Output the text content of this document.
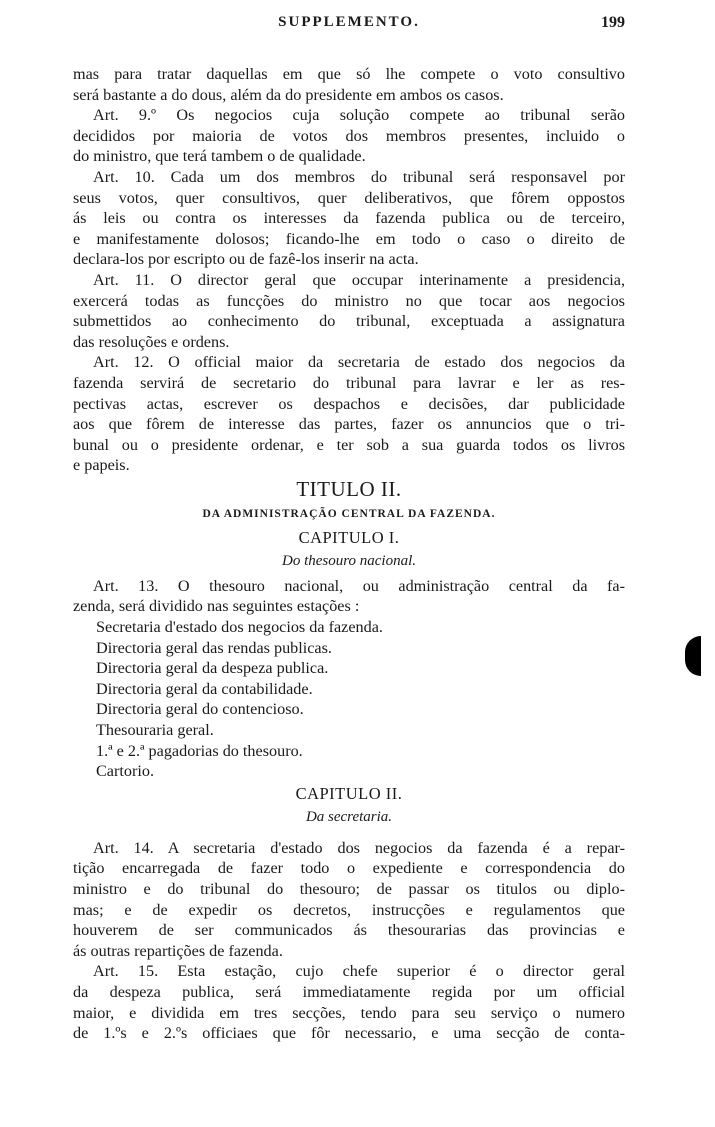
SUPPLEMENTO.	199
mas para tratar daquellas em que só lhe compete o voto consultivo
será bastante a do dous, além da do presidente em ambos os casos.
Art. 9.º Os negocios cuja solução compete ao tribunal serão
decididos por maioria de votos dos membros presentes, incluido o
do ministro, que terá tambem o de qualidade.
Art. 10. Cada um dos membros do tribunal será responsavel por
seus votos, quer consultivos, quer deliberativos, que fôrem oppostos
ás leis ou contra os interesses da fazenda publica ou de terceiro,
e manifestamente dolosos; ficando-lhe em todo o caso o direito de
declara-los por escripto ou de fazê-los inserir na acta.
Art. 11. O director geral que occupar interinamente a presidencia,
exercerá todas as funcções do ministro no que tocar aos negocios
submettidos ao conhecimento do tribunal, exceptuada a assignatura
das resoluções e ordens.
Art. 12. O official maior da secretaria de estado dos negocios da
fazenda servirá de secretario do tribunal para lavrar e ler as res-
pectivas actas, escrever os despachos e decisões, dar publicidade
aos que fôrem de interesse das partes, fazer os annuncios que o tri-
bunal ou o presidente ordenar, e ter sob a sua guarda todos os livros
e papeis.
TITULO II.
DA ADMINISTRAÇÃO CENTRAL DA FAZENDA.
CAPITULO I.
Do thesouro nacional.
Art. 13. O thesouro nacional, ou administração central da fa-
zenda, será dividido nas seguintes estações :
Secretaria d'estado dos negocios da fazenda.
Directoria geral das rendas publicas.
Directoria geral da despeza publica.
Directoria geral da contabilidade.
Directoria geral do contencioso.
Thesouraria geral.
1.ª e 2.ª pagadorias do thesouro.
Cartorio.
CAPITULO II.
Da secretaria.
Art. 14. A secretaria d'estado dos negocios da fazenda é a repar-
tição encarregada de fazer todo o expediente e correspondencia do
ministro e do tribunal do thesouro; de passar os titulos ou diplo-
mas; e de expedir os decretos, instrucções e regulamentos que
houverem de ser communicados ás thesourarias das provincias e
ás outras repartições de fazenda.
Art. 15. Esta estação, cujo chefe superior é o director geral
da despeza publica, será immediatamente regida por um official
maior, e dividida em tres secções, tendo para seu serviço o numero
de 1.ºs e 2.ºs officiaes que fôr necessario, e uma secção de conta-
